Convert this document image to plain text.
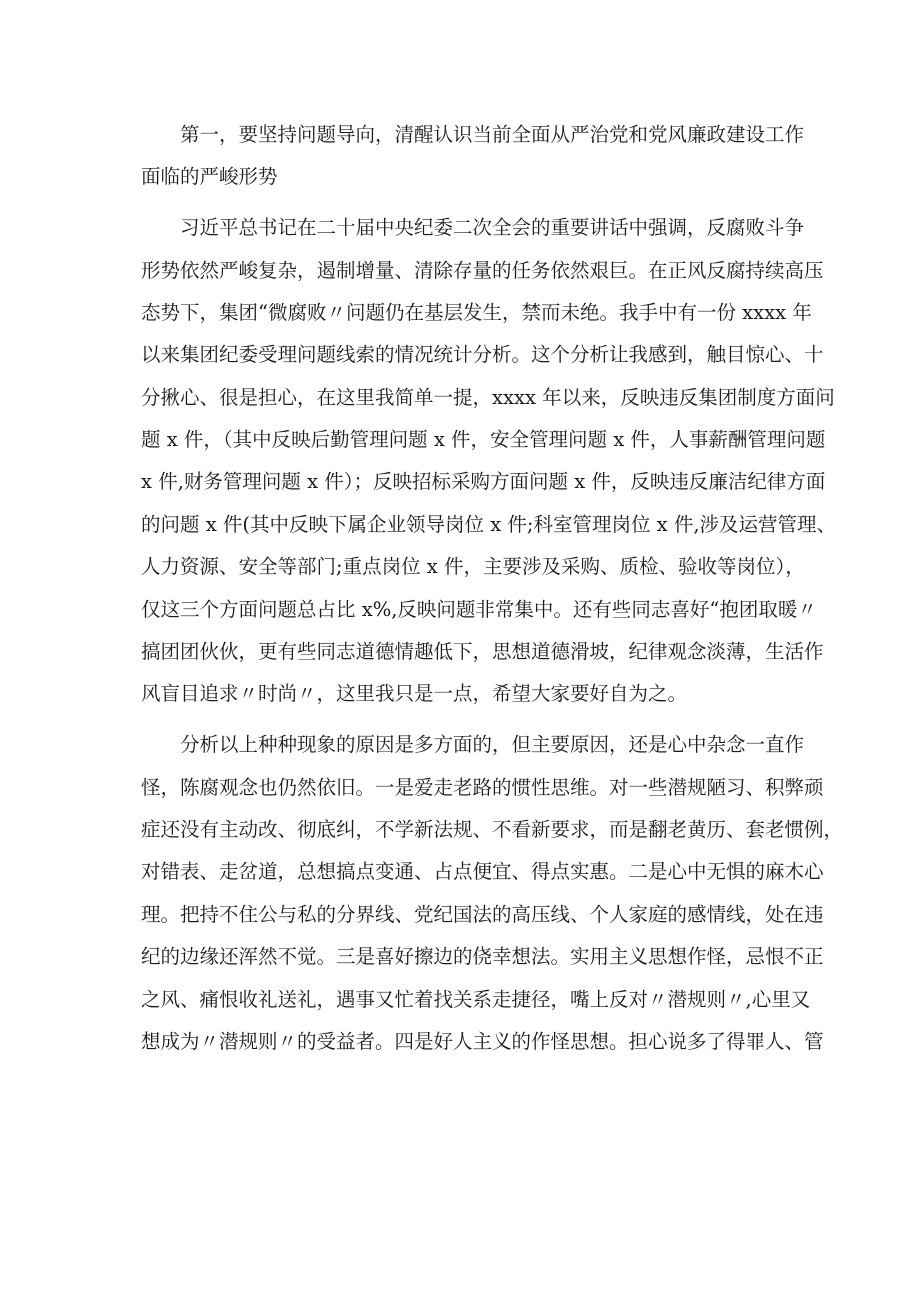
第一，要坚持问题导向，清醒认识当前全面从严治党和党风廉政建设工作
面临的严峻形势
习近平总书记在二十届中央纪委二次全会的重要讲话中强调，反腐败斗争
形势依然严峻复杂，遏制增量、清除存量的任务依然艰巨。在正风反腐持续高压
态势下，集团“微腐败〃问题仍在基层发生，禁而未绝。我手中有一份 xxxx 年
以来集团纪委受理问题线索的情况统计分析。这个分析让我感到，触目惊心、十
分揪心、很是担心，在这里我简单一提，xxxx 年以来，反映违反集团制度方面问
题 x 件，（其中反映后勤管理问题 x 件，安全管理问题 x 件，人事薪酬管理问题
x 件,财务管理问题 x 件）；反映招标采购方面问题 x 件，反映违反廉洁纪律方面
的问题 x 件(其中反映下属企业领导岗位 x 件;科室管理岗位 x 件,涉及运营管理、
人力资源、安全等部门;重点岗位 x 件，主要涉及采购、质检、验收等岗位），
仅这三个方面问题总占比 x%,反映问题非常集中。还有些同志喜好“抱团取暖〃
搞团团伙伙，更有些同志道德情趣低下，思想道德滑坡，纪律观念淡薄，生活作
风盲目追求〃时尚〃，这里我只是一点，希望大家要好自为之。
分析以上种种现象的原因是多方面的，但主要原因，还是心中杂念一直作
怪，陈腐观念也仍然依旧。一是爱走老路的惯性思维。对一些潜规陋习、积弊顽
症还没有主动改、彻底纠，不学新法规、不看新要求，而是翻老黄历、套老惯例，
对错表、走岔道，总想搞点变通、占点便宜、得点实惠。二是心中无惧的麻木心
理。把持不住公与私的分界线、党纪国法的高压线、个人家庭的感情线，处在违
纪的边缘还浑然不觉。三是喜好擦边的侥幸想法。实用主义思想作怪，忌恨不正
之风、痛恨收礼送礼，遇事又忙着找关系走捷径，嘴上反对〃潜规则〃,心里又
想成为〃潜规则〃的受益者。四是好人主义的作怪思想。担心说多了得罪人、管
